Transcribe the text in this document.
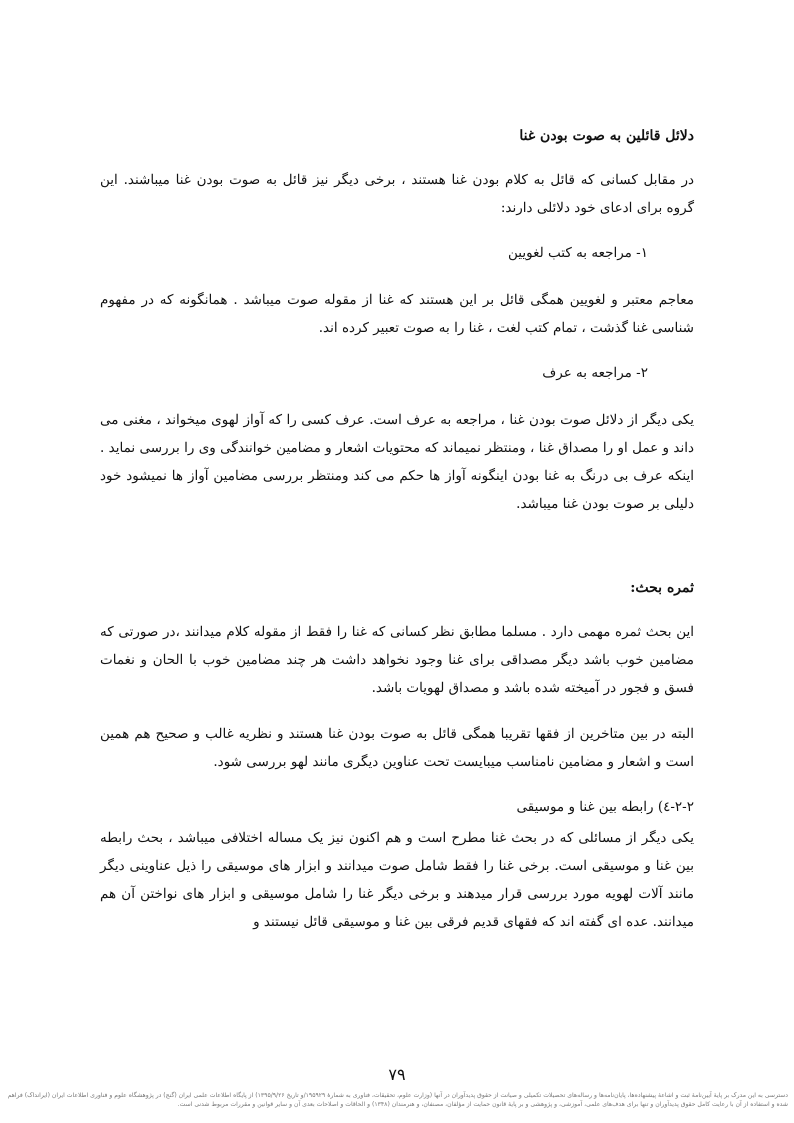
دلائل قائلین به صوت بودن غنا

در مقابل کسانی که قائل به کلام بودن غنا هستند ، برخی دیگر نیز قائل به صوت بودن غنا میباشند. این گروه برای ادعای خود دلائلی دارند:

۱- مراجعه به کتب لغویین

معاجم معتبر و لغویین همگی قائل بر این هستند که غنا از مقوله صوت میباشد . همانگونه که در مفهوم شناسی غنا گذشت ، تمام کتب لغت ، غنا را به صوت تعبیر کرده اند.

۲- مراجعه به عرف

یکی دیگر از دلائل صوت بودن غنا ، مراجعه به عرف است. عرف کسی را که آواز لهوی میخواند ، مغنی می داند و عمل او را مصداق غنا ، ومنتظر نمیماند که محتویات اشعار و مضامین خوانندگی وی را بررسی نماید . اینکه عرف بی درنگ به غنا بودن اینگونه آواز ها حکم می کند ومنتظر بررسی مضامین آواز ها نمیشود خود دلیلی بر صوت بودن غنا میباشد.

ثمره بحث:

این بحث ثمره مهمی دارد . مسلما مطابق نظر کسانی که غنا را فقط از مقوله کلام میدانند ،در صورتی که مضامین خوب باشد دیگر مصداقی برای غنا وجود نخواهد داشت هر چند مضامین خوب با الحان و نغمات فسق و فجور در آمیخته شده باشد و مصداق لهویات باشد.

البته در بین متاخرین از فقها تقریبا همگی قائل به صوت بودن غنا هستند و نظریه غالب و صحیح هم همین است و اشعار و مضامین نامناسب میبایست تحت عناوین دیگری مانند لهو بررسی شود.

۲-۲-٤) رابطه بین غنا و موسیقی

یکی دیگر از مسائلی که در بحث غنا مطرح است و هم اکنون نیز یک مساله اختلافی میباشد ، بحث رابطه بین غنا و موسیقی است. برخی غنا را فقط شامل صوت میدانند و ابزار های موسیقی را ذیل عناوینی دیگر مانند آلات لهویه مورد بررسی قرار میدهند و برخی دیگر غنا را شامل موسیقی و ابزار های نواختن آن هم میدانند. عده ای گفته اند که فقهای قدیم فرقی بین غنا و موسیقی قائل نیستند و

۷۹
دسترسی به این مدرک بر پایهٔ آیین‌نامهٔ ثبت و اشاعهٔ پیشنهاده‌ها، پایان‌نامه‌ها و رساله‌های تحصیلات تکمیلی و صیانت از حقوق پدیدآوران در آنها (وزارت علوم، تحقیقات، فناوری به شمارهٔ ۱۹۵۹۲۹/و تاریخ ۱۳۹۵/۹/۲۶) از پایگاه اطلاعات علمی ایران (گنج) در پژوهشگاه علوم و فناوری اطلاعات ایران (ایرانداک) فراهم شده و استفاده از آن با رعایت کامل حقوق پدیدآوران و تنها برای هدف‌های علمی، آموزشی، و پژوهشی و بر پایهٔ قانون حمایت از مؤلفان، مصنفان، و هنرمندان (۱۳۴۸) و الحاقات و اصلاحات بعدی آن و سایر قوانین و مقررات مربوط شدنی است.
